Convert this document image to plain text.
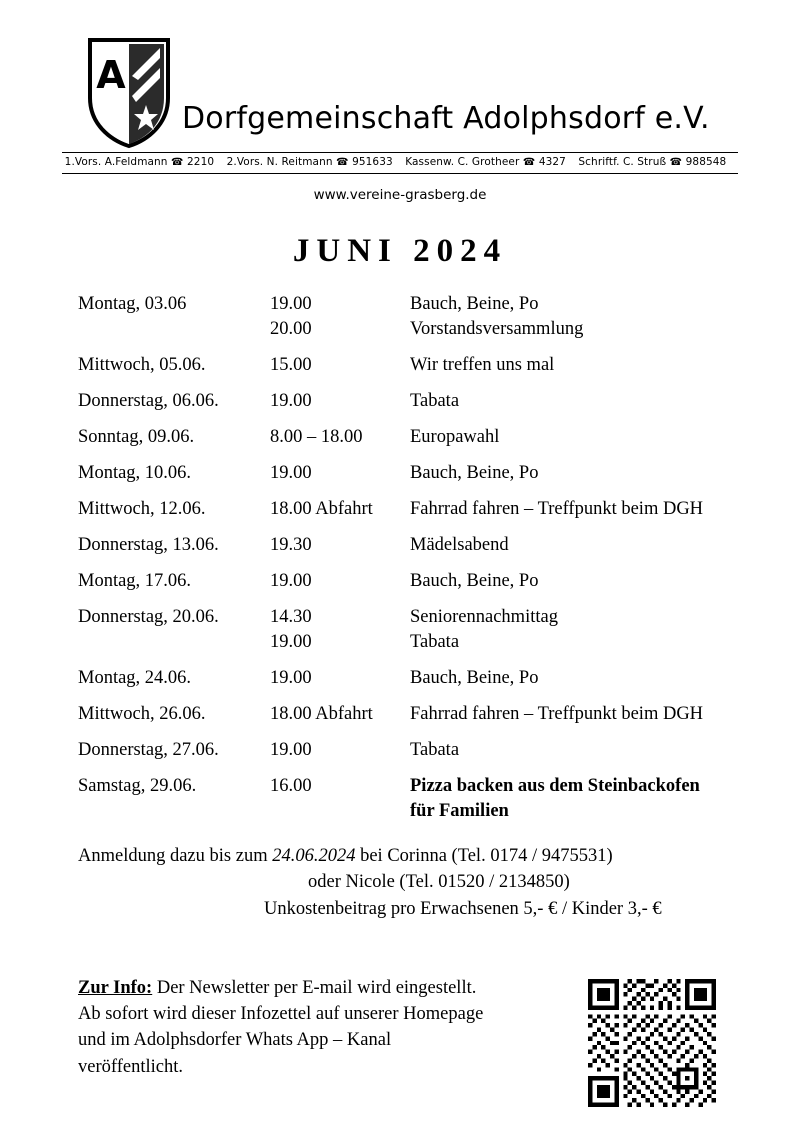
A
Dorfgemeinschaft Adolphsdorf e.V.
1.Vors. A.Feldmann ☎ 2210 2.Vors. N. Reitmann ☎ 951633 Kassenw. C. Grotheer ☎ 4327 Schriftf. C. Struß ☎ 988548
www.vereine-grasberg.de
JUNI 2024
Montag, 03.06	19.00	Bauch, Beine, Po
20.00	Vorstandsversammlung
Mittwoch, 05.06.	15.00	Wir treffen uns mal
Donnerstag, 06.06.	19.00	Tabata
Sonntag, 09.06.	8.00 – 18.00	Europawahl
Montag, 10.06.	19.00	Bauch, Beine, Po
Mittwoch, 12.06.	18.00 Abfahrt	Fahrrad fahren – Treffpunkt beim DGH
Donnerstag, 13.06.	19.30	Mädelsabend
Montag, 17.06.	19.00	Bauch, Beine, Po
Donnerstag, 20.06.	14.30	Seniorennachmittag
19.00	Tabata
Montag, 24.06.	19.00	Bauch, Beine, Po
Mittwoch, 26.06.	18.00 Abfahrt	Fahrrad fahren – Treffpunkt beim DGH
Donnerstag, 27.06.	19.00	Tabata
Samstag, 29.06.	16.00	Pizza backen aus dem Steinbackofen
für Familien
Anmeldung dazu bis zum 24.06.2024 bei Corinna (Tel. 0174 / 9475531)
oder Nicole (Tel. 01520 / 2134850)
Unkostenbeitrag pro Erwachsenen 5,- € / Kinder 3,- €
Zur Info: Der Newsletter per E-mail wird eingestellt.
Ab sofort wird dieser Infozettel auf unserer Homepage
und im Adolphsdorfer Whats App – Kanal
veröffentlicht.
